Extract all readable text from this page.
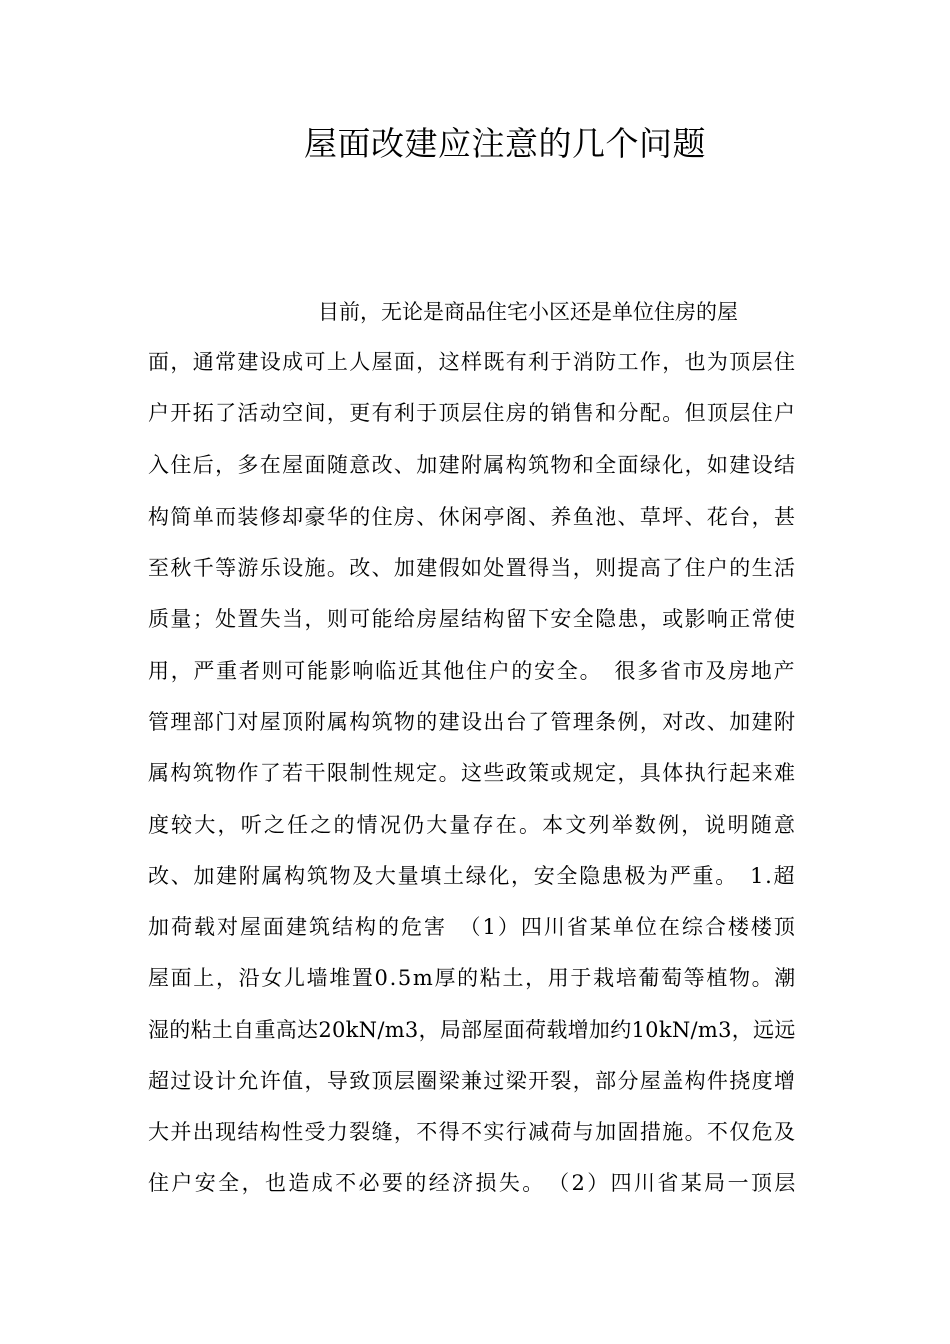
屋面改建应注意的几个问题
目前，无论是商品住宅小区还是单位住房的屋
面，通常建设成可上人屋面，这样既有利于消防工作，也为顶层住
户开拓了活动空间，更有利于顶层住房的销售和分配。但顶层住户
入住后，多在屋面随意改、加建附属构筑物和全面绿化，如建设结
构简单而装修却豪华的住房、休闲亭阁、养鱼池、草坪、花台，甚
至秋千等游乐设施。改、加建假如处置得当，则提高了住户的生活
质量；处置失当，则可能给房屋结构留下安全隐患，或影响正常使
用，严重者则可能影响临近其他住户的安全。　很多省市及房地产
管理部门对屋顶附属构筑物的建设出台了管理条例，对改、加建附
属构筑物作了若干限制性规定。这些政策或规定，具体执行起来难
度较大，听之任之的情况仍大量存在。本文列举数例，说明随意
改、加建附属构筑物及大量填土绿化，安全隐患极为严重。　1.超
加荷载对屋面建筑结构的危害　（1）四川省某单位在综合楼楼顶
屋面上，沿女儿墙堆置0.5m厚的粘土，用于栽培葡萄等植物。潮
湿的粘土自重高达20kN/m3，局部屋面荷载增加约10kN/m3，远远
超过设计允许值，导致顶层圈梁兼过梁开裂，部分屋盖构件挠度增
大并出现结构性受力裂缝，不得不实行减荷与加固措施。不仅危及
住户安全，也造成不必要的经济损失。　（2）四川省某局一顶层
